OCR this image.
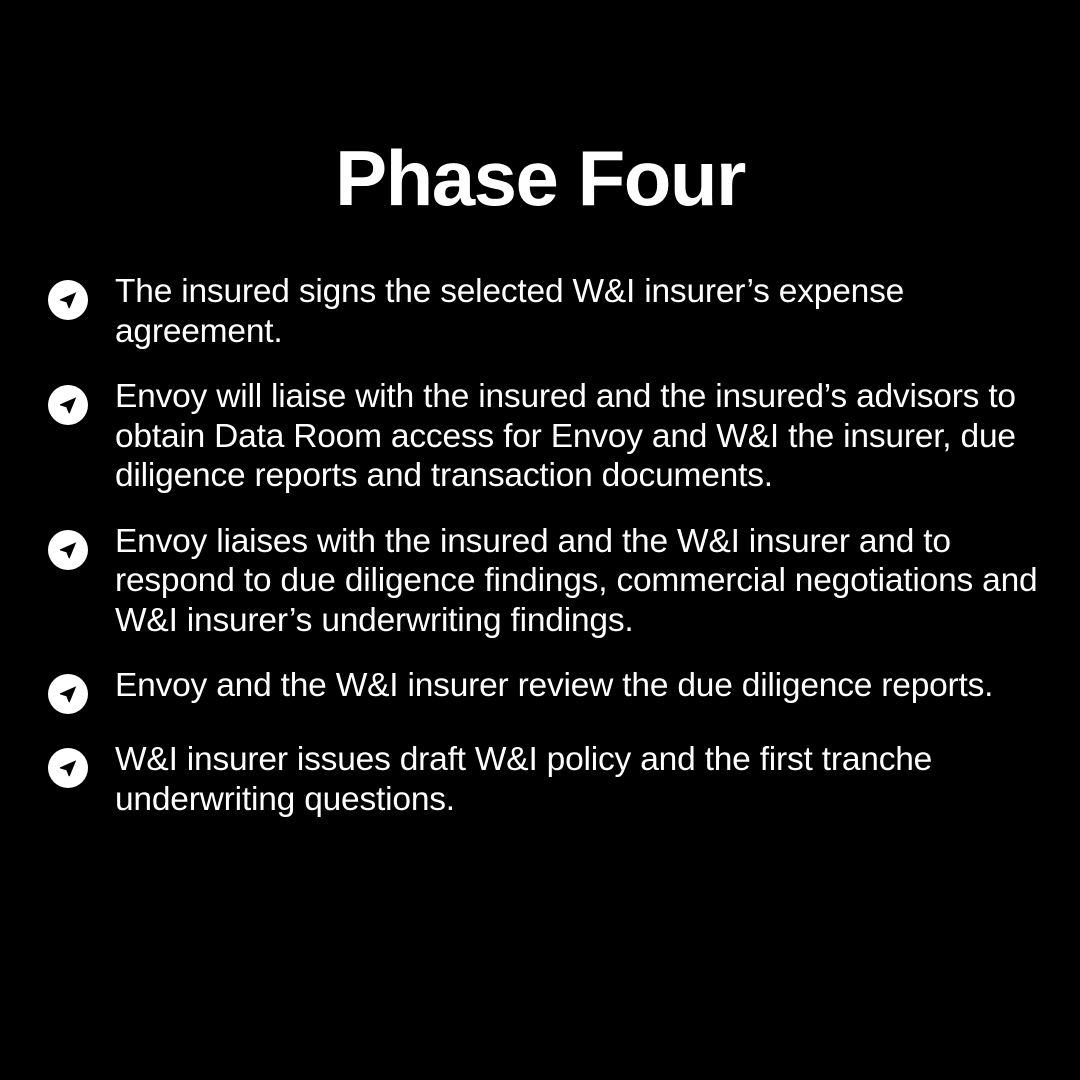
Phase Four
The insured signs the selected W&I insurer’s expense agreement.
Envoy will liaise with the insured and the insured’s advisors to obtain Data Room access for Envoy and W&I the insurer, due diligence reports and transaction documents.
Envoy liaises with the insured and the W&I insurer and to respond to due diligence findings, commercial negotiations and W&I insurer’s underwriting findings.
Envoy and the W&I insurer review the due diligence reports.
W&I insurer issues draft W&I policy and the first tranche underwriting questions.
